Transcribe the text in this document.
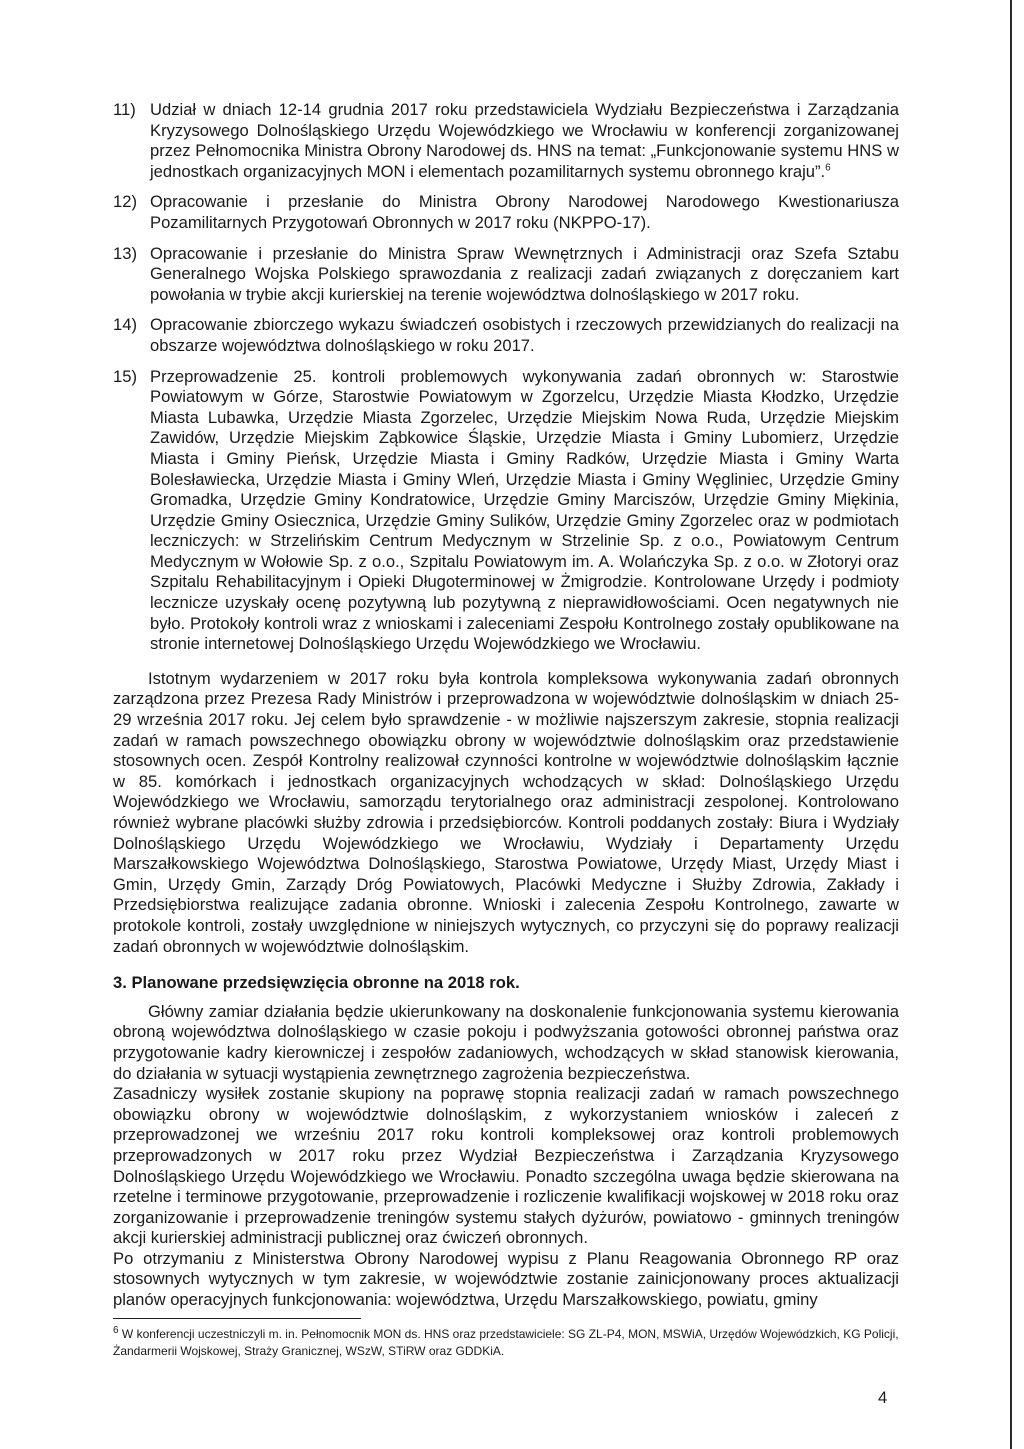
11) Udział w dniach 12-14 grudnia 2017 roku przedstawiciela Wydziału Bezpieczeństwa i Zarządzania Kryzysowego Dolnośląskiego Urzędu Wojewódzkiego we Wrocławiu w konferencji zorganizowanej przez Pełnomocnika Ministra Obrony Narodowej ds. HNS na temat: „Funkcjonowanie systemu HNS w jednostkach organizacyjnych MON i elementach pozamilitarnych systemu obronnego kraju”.$^6$
12) Opracowanie i przesłanie do Ministra Obrony Narodowej Narodowego Kwestionariusza Pozamilitarnych Przygotowań Obronnych w 2017 roku (NKPPO-17).
13) Opracowanie i przesłanie do Ministra Spraw Wewnętrznych i Administracji oraz Szefa Sztabu Generalnego Wojska Polskiego sprawozdania z realizacji zadań związanych z doręczaniem kart powołania w trybie akcji kurierskiej na terenie województwa dolnośląskiego w 2017 roku.
14) Opracowanie zbiorczego wykazu świadczeń osobistych i rzeczowych przewidzianych do realizacji na obszarze województwa dolnośląskiego w roku 2017.
15) Przeprowadzenie 25. kontroli problemowych wykonywania zadań obronnych w: Starostwie Powiatowym w Górze, Starostwie Powiatowym w Zgorzelcu, Urzędzie Miasta Kłodzko, Urzędzie Miasta Lubawka, Urzędzie Miasta Zgorzelec, Urzędzie Miejskim Nowa Ruda, Urzędzie Miejskim Zawidów, Urzędzie Miejskim Ząbkowice Śląskie, Urzędzie Miasta i Gminy Lubomierz, Urzędzie Miasta i Gminy Pieńsk, Urzędzie Miasta i Gminy Radków, Urzędzie Miasta i Gminy Warta Bolesławiecka, Urzędzie Miasta i Gminy Wleń, Urzędzie Miasta i Gminy Węgliniec, Urzędzie Gminy Gromadka, Urzędzie Gminy Kondratowice, Urzędzie Gminy Marciszów, Urzędzie Gminy Miękinia, Urzędzie Gminy Osiecznica, Urzędzie Gminy Sulików, Urzędzie Gminy Zgorzelec oraz w podmiotach leczniczych: w Strzelińskim Centrum Medycznym w Strzelinie Sp. z o.o., Powiatowym Centrum Medycznym w Wołowie Sp. z o.o., Szpitalu Powiatowym im. A. Wolańczyka Sp. z o.o. w Złotoryi oraz Szpitalu Rehabilitacyjnym i Opieki Długoterminowej w Żmigrodzie. Kontrolowane Urzędy i podmioty lecznicze uzyskały ocenę pozytywną lub pozytywną z nieprawidłowościami. Ocen negatywnych nie było. Protokoły kontroli wraz z wnioskami i zaleceniami Zespołu Kontrolnego zostały opublikowane na stronie internetowej Dolnośląskiego Urzędu Wojewódzkiego we Wrocławiu.

Istotnym wydarzeniem w 2017 roku była kontrola kompleksowa wykonywania zadań obronnych zarządzona przez Prezesa Rady Ministrów i przeprowadzona w województwie dolnośląskim w dniach 25-29 września 2017 roku. Jej celem było sprawdzenie - w możliwie najszerszym zakresie, stopnia realizacji zadań w ramach powszechnego obowiązku obrony w województwie dolnośląskim oraz przedstawienie stosownych ocen. Zespół Kontrolny realizował czynności kontrolne w województwie dolnośląskim łącznie w 85. komórkach i jednostkach organizacyjnych wchodzących w skład: Dolnośląskiego Urzędu Wojewódzkiego we Wrocławiu, samorządu terytorialnego oraz administracji zespolonej. Kontrolowano również wybrane placówki służby zdrowia i przedsiębiorców. Kontroli poddanych zostały: Biura i Wydziały Dolnośląskiego Urzędu Wojewódzkiego we Wrocławiu, Wydziały i Departamenty Urzędu Marszałkowskiego Województwa Dolnośląskiego, Starostwa Powiatowe, Urzędy Miast, Urzędy Miast i Gmin, Urzędy Gmin, Zarządy Dróg Powiatowych, Placówki Medyczne i Służby Zdrowia, Zakłady i Przedsiębiorstwa realizujące zadania obronne. Wnioski i zalecenia Zespołu Kontrolnego, zawarte w protokole kontroli, zostały uwzględnione w niniejszych wytycznych, co przyczyni się do poprawy realizacji zadań obronnych w województwie dolnośląskim.

3. Planowane przedsięwzięcia obronne na 2018 rok.

Główny zamiar działania będzie ukierunkowany na doskonalenie funkcjonowania systemu kierowania obroną województwa dolnośląskiego w czasie pokoju i podwyższania gotowości obronnej państwa oraz przygotowanie kadry kierowniczej i zespołów zadaniowych, wchodzących w skład stanowisk kierowania, do działania w sytuacji wystąpienia zewnętrznego zagrożenia bezpieczeństwa.

Zasadniczy wysiłek zostanie skupiony na poprawę stopnia realizacji zadań w ramach powszechnego obowiązku obrony w województwie dolnośląskim, z wykorzystaniem wniosków i zaleceń z przeprowadzonej we wrześniu 2017 roku kontroli kompleksowej oraz kontroli problemowych przeprowadzonych w 2017 roku przez Wydział Bezpieczeństwa i Zarządzania Kryzysowego Dolnośląskiego Urzędu Wojewódzkiego we Wrocławiu. Ponadto szczególna uwaga będzie skierowana na rzetelne i terminowe przygotowanie, przeprowadzenie i rozliczenie kwalifikacji wojskowej w 2018 roku oraz zorganizowanie i przeprowadzenie treningów systemu stałych dyżurów, powiatowo - gminnych treningów akcji kurierskiej administracji publicznej oraz ćwiczeń obronnych.

Po otrzymaniu z Ministerstwa Obrony Narodowej wypisu z Planu Reagowania Obronnego RP oraz stosownych wytycznych w tym zakresie, w województwie zostanie zainicjonowany proces aktualizacji planów operacyjnych funkcjonowania: województwa, Urzędu Marszałkowskiego, powiatu, gminy

$^6$ W konferencji uczestniczyli m. in. Pełnomocnik MON ds. HNS oraz przedstawiciele: SG ZL-P4, MON, MSWiA, Urzędów Wojewódzkich, KG Policji, Żandarmerii Wojskowej, Straży Granicznej, WSzW, STiRW oraz GDDKiA.
4
